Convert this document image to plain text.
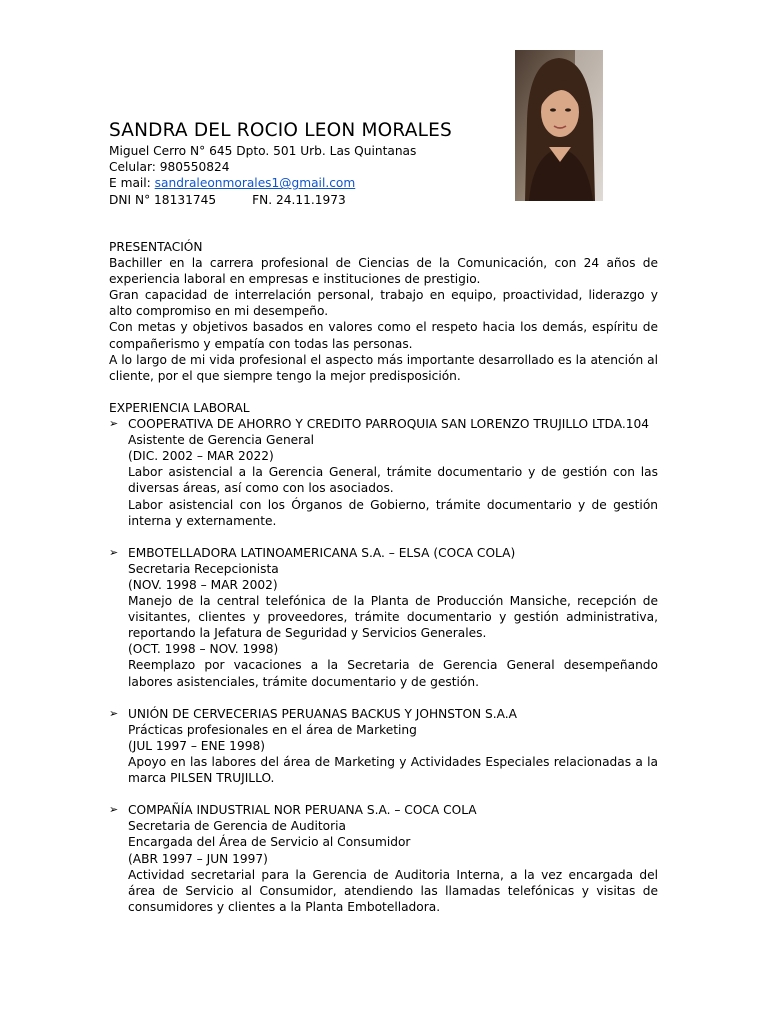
SANDRA DEL ROCIO LEON MORALES
Miguel Cerro N° 645 Dpto. 501 Urb. Las Quintanas
Celular: 980550824
E mail: sandraleonmorales1@gmail.com
DNI N° 18131745	FN. 24.11.1973
PRESENTACIÓN

Bachiller en la carrera profesional de Ciencias de la Comunicación, con 24 años de experiencia laboral en empresas e instituciones de prestigio.

Gran capacidad de interrelación personal, trabajo en equipo, proactividad, liderazgo y alto compromiso en mi desempeño.

Con metas y objetivos basados en valores como el respeto hacia los demás, espíritu de compañerismo y empatía con todas las personas.

A lo largo de mi vida profesional el aspecto más importante desarrollado es la atención al cliente, por el que siempre tengo la mejor predisposición.

EXPERIENCIA LABORAL
➢ COOPERATIVA DE AHORRO Y CREDITO PARROQUIA SAN LORENZO TRUJILLO LTDA.104
Asistente de Gerencia General
(DIC. 2002 – MAR 2022)
Labor asistencial a la Gerencia General, trámite documentario y de gestión con las diversas áreas, así como con los asociados.
Labor asistencial con los Órganos de Gobierno, trámite documentario y de gestión interna y externamente.
➢ EMBOTELLADORA LATINOAMERICANA S.A. – ELSA (COCA COLA)
Secretaria Recepcionista
(NOV. 1998 – MAR 2002)
Manejo de la central telefónica de la Planta de Producción Mansiche, recepción de visitantes, clientes y proveedores, trámite documentario y gestión administrativa, reportando la Jefatura de Seguridad y Servicios Generales.
(OCT. 1998 – NOV. 1998)
Reemplazo por vacaciones a la Secretaria de Gerencia General desempeñando labores asistenciales, trámite documentario y de gestión.
➢ UNIÓN DE CERVECERIAS PERUANAS BACKUS Y JOHNSTON S.A.A
Prácticas profesionales en el área de Marketing
(JUL 1997 – ENE 1998)
Apoyo en las labores del área de Marketing y Actividades Especiales relacionadas a la marca PILSEN TRUJILLO.
➢ COMPAÑÍA INDUSTRIAL NOR PERUANA S.A. – COCA COLA
Secretaria de Gerencia de Auditoria
Encargada del Área de Servicio al Consumidor
(ABR 1997 – JUN 1997)
Actividad secretarial para la Gerencia de Auditoria Interna, a la vez encargada del área de Servicio al Consumidor, atendiendo las llamadas telefónicas y visitas de consumidores y clientes a la Planta Embotelladora.
